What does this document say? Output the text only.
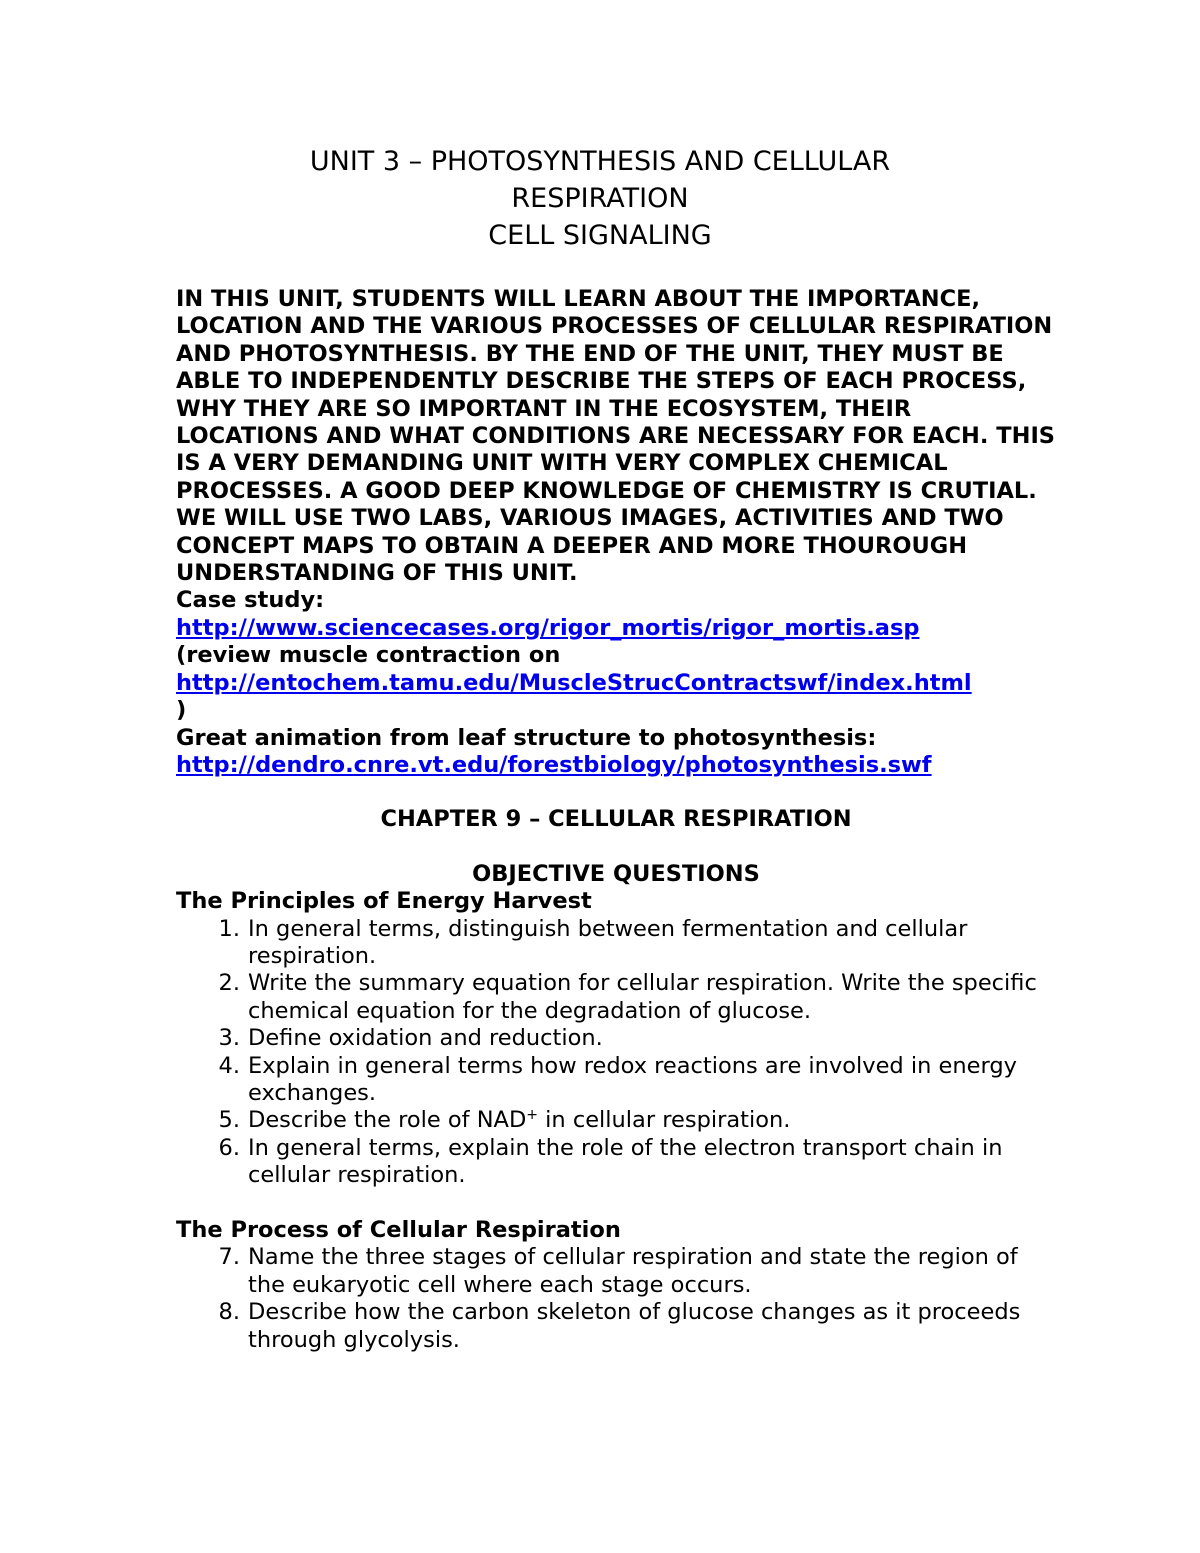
UNIT 3 – PHOTOSYNTHESIS AND CELLULAR
RESPIRATION
CELL SIGNALING

IN THIS UNIT, STUDENTS WILL LEARN ABOUT THE IMPORTANCE, LOCATION AND THE VARIOUS PROCESSES OF CELLULAR RESPIRATION AND PHOTOSYNTHESIS. BY THE END OF THE UNIT, THEY MUST BE ABLE TO INDEPENDENTLY DESCRIBE THE STEPS OF EACH PROCESS, WHY THEY ARE SO IMPORTANT IN THE ECOSYSTEM, THEIR LOCATIONS AND WHAT CONDITIONS ARE NECESSARY FOR EACH. THIS IS A VERY DEMANDING UNIT WITH VERY COMPLEX CHEMICAL PROCESSES. A GOOD DEEP KNOWLEDGE OF CHEMISTRY IS CRUTIAL.

WE WILL USE TWO LABS, VARIOUS IMAGES, ACTIVITIES AND TWO CONCEPT MAPS TO OBTAIN A DEEPER AND MORE THOUROUGH UNDERSTANDING OF THIS UNIT.

Case study:

http://www.sciencecases.org/rigor_mortis/rigor_mortis.asp

(review muscle contraction on

http://entochem.tamu.edu/MuscleStrucContractswf/index.html

)

Great animation from leaf structure to photosynthesis:

http://dendro.cnre.vt.edu/forestbiology/photosynthesis.swf

CHAPTER 9 – CELLULAR RESPIRATION
OBJECTIVE QUESTIONS

The Principles of Energy Harvest

1. In general terms, distinguish between fermentation and cellular respiration.
2. Write the summary equation for cellular respiration. Write the specific chemical equation for the degradation of glucose.
3. Define oxidation and reduction.
4. Explain in general terms how redox reactions are involved in energy exchanges.
5. Describe the role of NAD+ in cellular respiration.
6. In general terms, explain the role of the electron transport chain in cellular respiration.

The Process of Cellular Respiration

7. Name the three stages of cellular respiration and state the region of the eukaryotic cell where each stage occurs.
8. Describe how the carbon skeleton of glucose changes as it proceeds through glycolysis.
